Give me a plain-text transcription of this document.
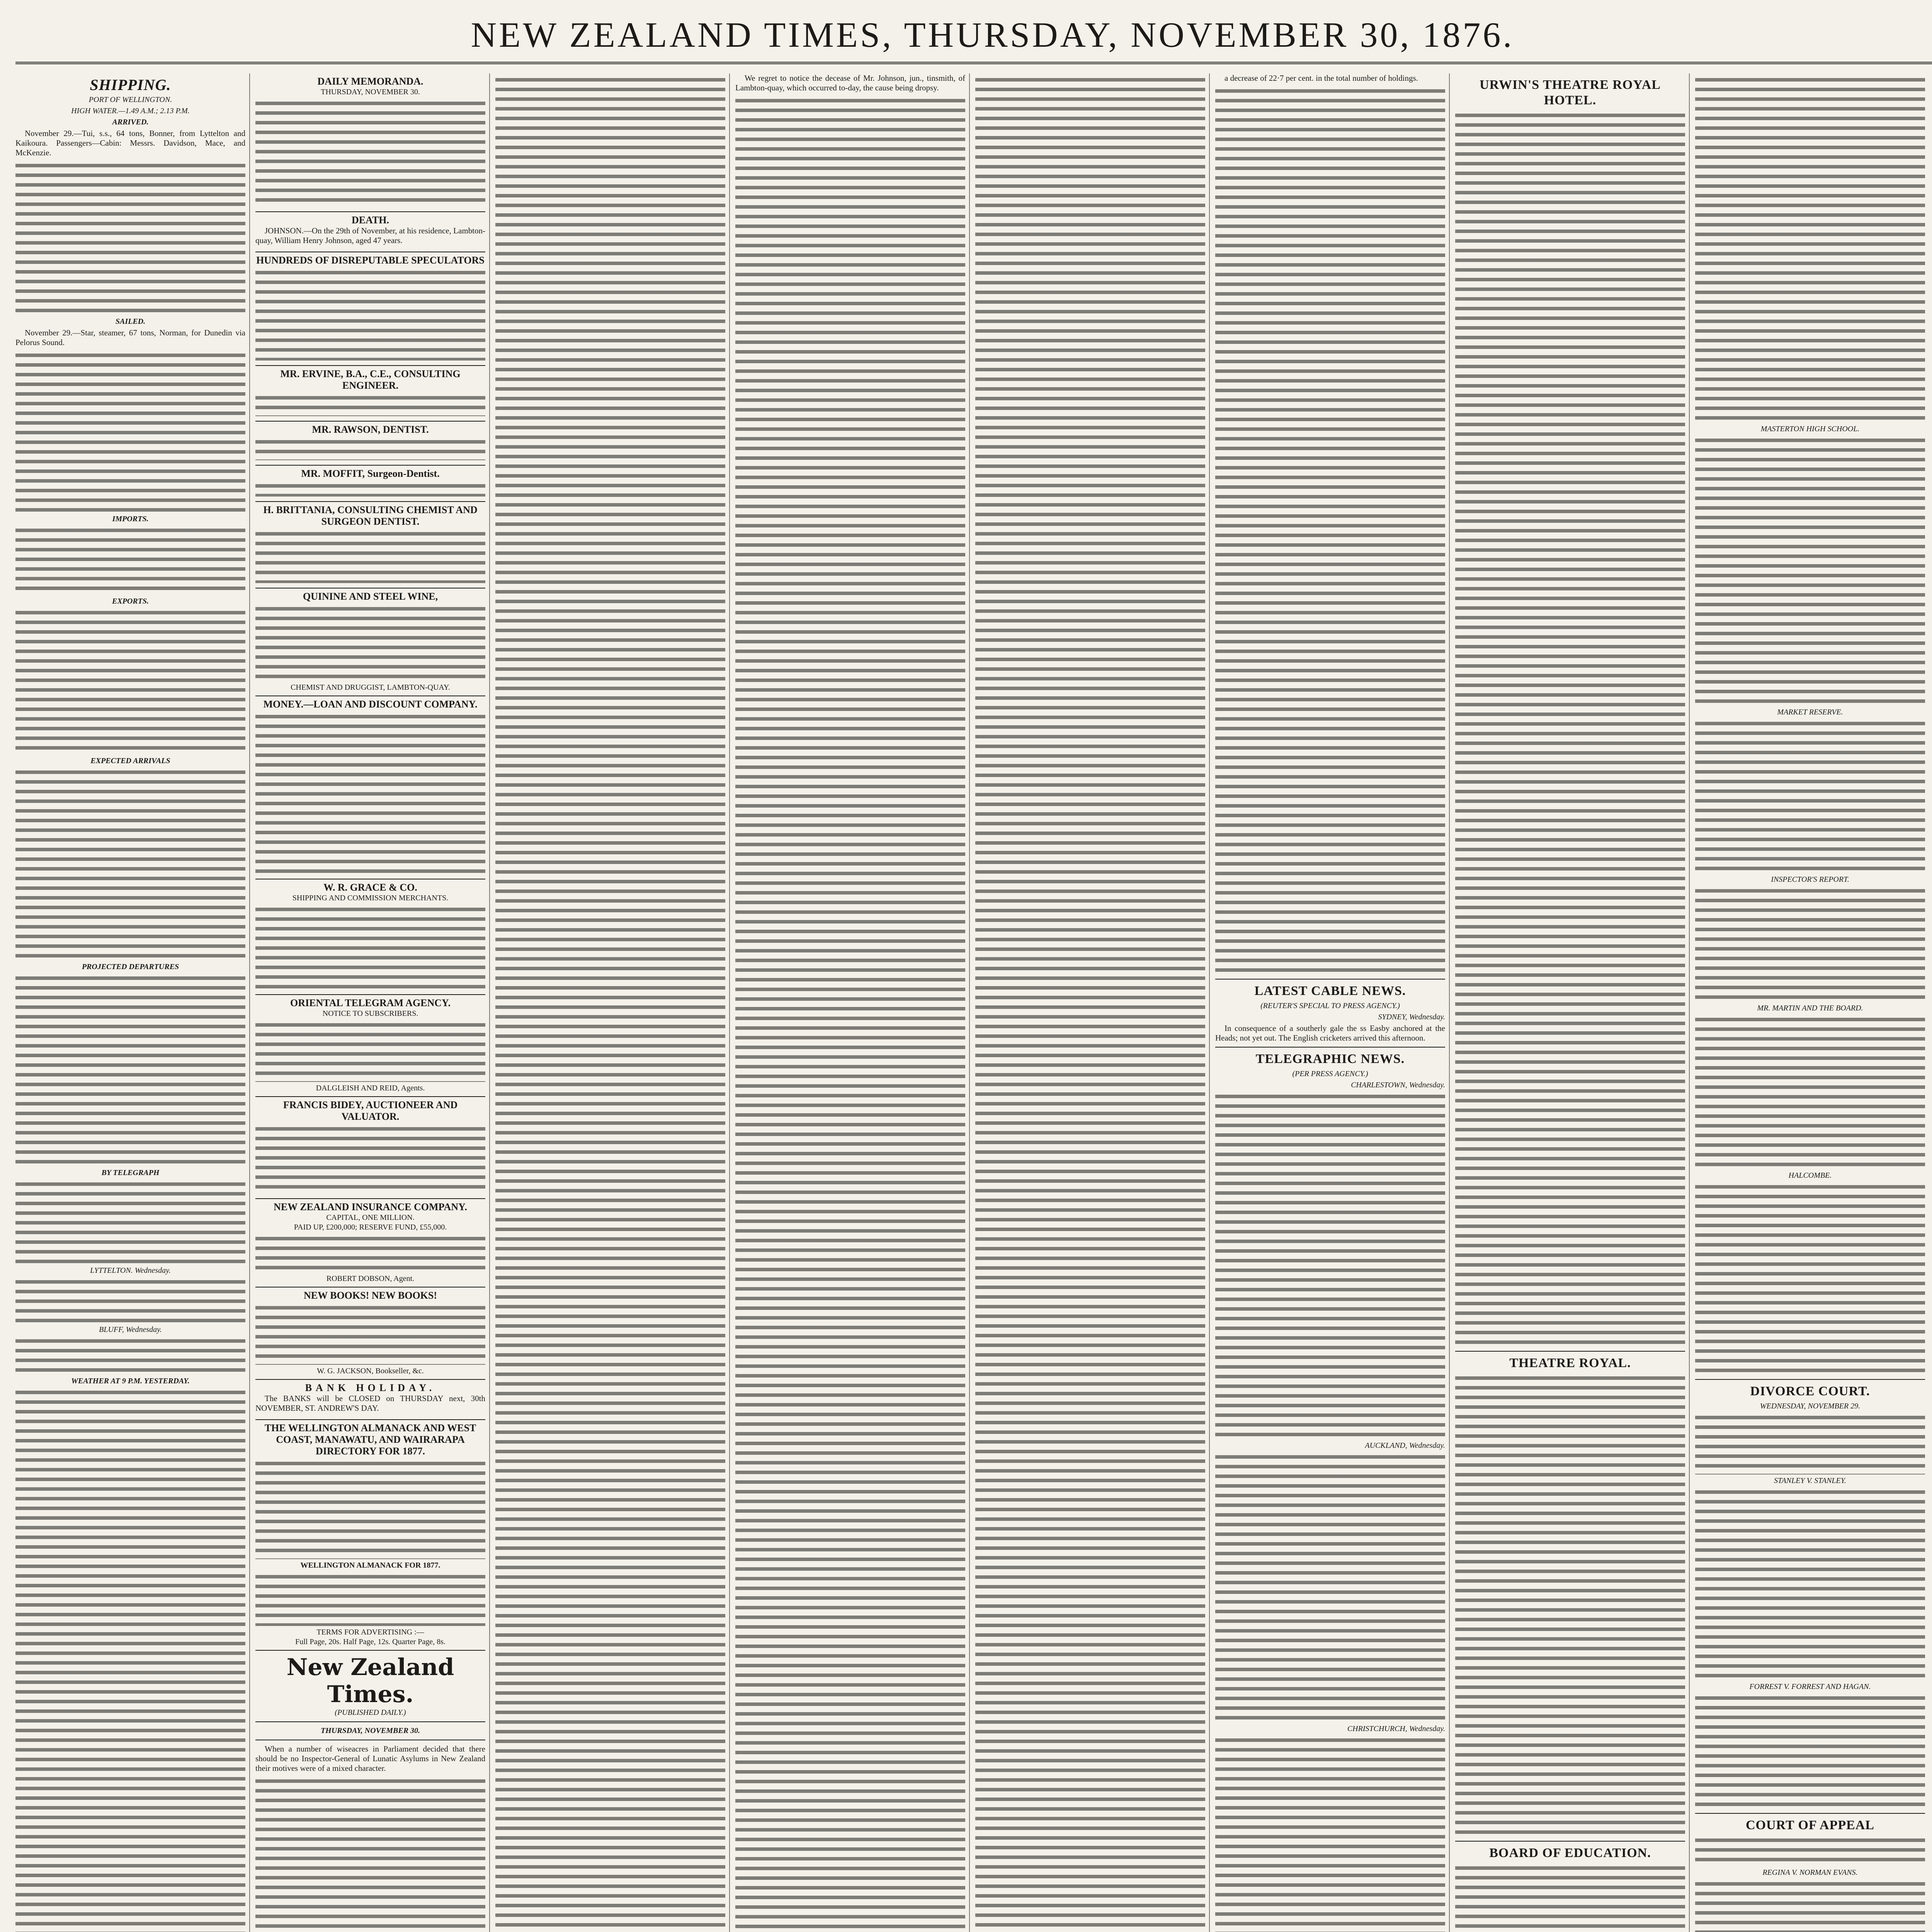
NEW ZEALAND TIMES, THURSDAY, NOVEMBER 30, 1876.
SHIPPING.
PORT OF WELLINGTON.
HIGH WATER.—1.49 A.M.; 2.13 P.M.
ARRIVED.
November 29.—Tui, s.s., 64 tons, Bonner, from Lyttelton and Kaikoura. Passengers—Cabin: Messrs. Davidson, Mace, and McKenzie.
SAILED.
November 29.—Star, steamer, 67 tons, Norman, for Dunedin via Pelorus Sound.
IMPORTS.
EXPORTS.
EXPECTED ARRIVALS
PROJECTED DEPARTURES
BY TELEGRAPH
LYTTELTON. Wednesday.
BLUFF, Wednesday.
WEATHER AT 9 P.M. YESTERDAY.
DAILY MEMORANDA.
THURSDAY, NOVEMBER 30.
DEATH.
JOHNSON.—On the 29th of November, at his residence, Lambton-quay, William Henry Johnson, aged 47 years.
HUNDREDS OF DISREPUTABLE SPECULATORS
MR. ERVINE, B.A., C.E., CONSULTING ENGINEER.
MR. RAWSON, DENTIST.
MR. MOFFIT, Surgeon-Dentist.
H. BRITTANIA, CONSULTING CHEMIST AND SURGEON DENTIST.
QUININE AND STEEL WINE,
CHEMIST AND DRUGGIST, LAMBTON-QUAY.
MONEY.—LOAN AND DISCOUNT COMPANY.
W. R. GRACE & CO.
SHIPPING AND COMMISSION MERCHANTS.
ORIENTAL TELEGRAM AGENCY.
NOTICE TO SUBSCRIBERS.
DALGLEISH AND REID, Agents.
FRANCIS BIDEY, AUCTIONEER AND VALUATOR.
NEW ZEALAND INSURANCE COMPANY.
CAPITAL, ONE MILLION.
PAID UP, £200,000; RESERVE FUND, £55,000.
ROBERT DOBSON, Agent.
NEW BOOKS! NEW BOOKS!
W. G. JACKSON, Bookseller, &c.
BANK HOLIDAY.
The BANKS will be CLOSED on THURSDAY next, 30th NOVEMBER, ST. ANDREW'S DAY.
THE WELLINGTON ALMANACK AND WEST COAST, MANAWATU, AND WAIRARAPA DIRECTORY FOR 1877.
WELLINGTON ALMANACK FOR 1877.
TERMS FOR ADVERTISING :—
Full Page, 20s. Half Page, 12s. Quarter Page, 8s.
New Zealand Times.
(PUBLISHED DAILY.)
THURSDAY, NOVEMBER 30.
When a number of wiseacres in Parliament decided that there should be no Inspector-General of Lunatic Asylums in New Zealand their motives were of a mixed character.
We regret to notice the decease of Mr. Johnson, jun., tinsmith, of Lambton-quay, which occurred to-day, the cause being dropsy.
a decrease of 22·7 per cent. in the total number of holdings.
LATEST CABLE NEWS.
(REUTER'S SPECIAL TO PRESS AGENCY.)
SYDNEY, Wednesday.
In consequence of a southerly gale the ss Easby anchored at the Heads; not yet out. The English cricketers arrived this afternoon.
TELEGRAPHIC NEWS.
(PER PRESS AGENCY.)
CHARLESTOWN, Wednesday.
AUCKLAND, Wednesday.
CHRISTCHURCH, Wednesday.
URWIN'S THEATRE ROYAL HOTEL.
THEATRE ROYAL.
BOARD OF EDUCATION.
MASTERTON HIGH SCHOOL.
MARKET RESERVE.
INSPECTOR'S REPORT.
MR. MARTIN AND THE BOARD.
HALCOMBE.
DIVORCE COURT.
WEDNESDAY, NOVEMBER 29.
STANLEY V. STANLEY.
FORREST V. FORREST AND HAGAN.
COURT OF APPEAL
REGINA V. NORMAN EVANS.
